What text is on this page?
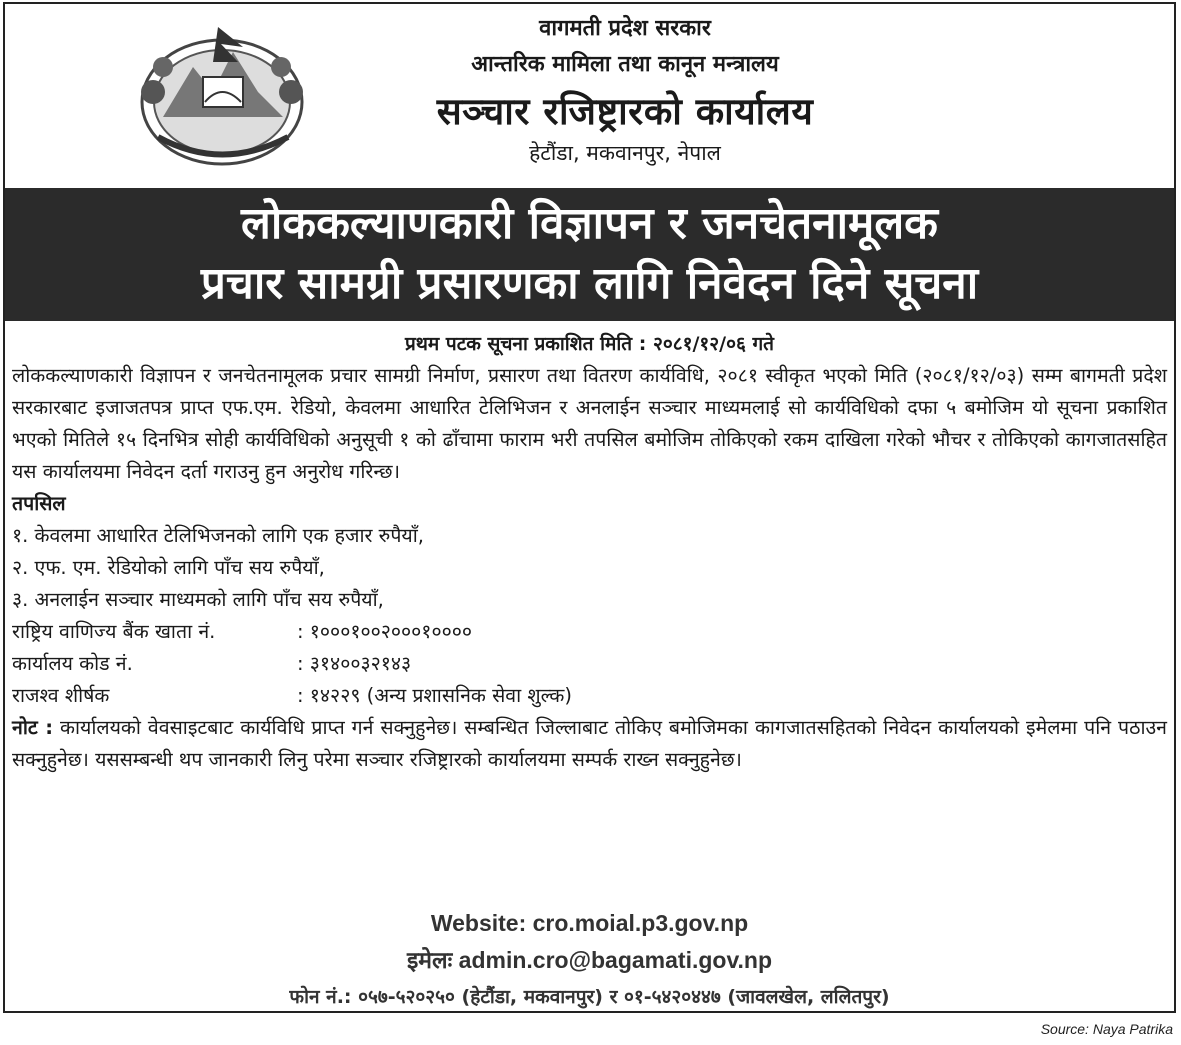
वागमती प्रदेश सरकार
आन्तरिक मामिला तथा कानून मन्त्रालय
सञ्चार रजिष्ट्रारको कार्यालय
हेटौंडा, मकवानपुर, नेपाल
लोककल्याणकारी विज्ञापन र जनचेतनामूलक
प्रचार सामग्री प्रसारणका लागि निवेदन दिने सूचना
प्रथम पटक सूचना प्रकाशित मिति : २०८१/१२/०६ गते

लोककल्याणकारी विज्ञापन र जनचेतनामूलक प्रचार सामग्री निर्माण, प्रसारण तथा वितरण कार्यविधि, २०८१ स्वीकृत भएको मिति (२०८१/१२/०३) सम्म बागमती प्रदेश सरकारबाट इजाजतपत्र प्राप्त एफ.एम. रेडियो, केवलमा आधारित टेलिभिजन र अनलाईन सञ्चार माध्यमलाई सो कार्यविधिको दफा ५ बमोजिम यो सूचना प्रकाशित भएको मितिले १५ दिनभित्र सोही कार्यविधिको अनुसूची १ को ढाँचामा फाराम भरी तपसिल बमोजिम तोकिएको रकम दाखिला गरेको भौचर र तोकिएको कागजातसहित यस कार्यालयमा निवेदन दर्ता गराउनु हुन अनुरोध गरिन्छ।

तपसिल

१. केवलमा आधारित टेलिभिजनको लागि एक हजार रुपैयाँ,

२. एफ. एम. रेडियोको लागि पाँच सय रुपैयाँ,

३. अनलाईन सञ्चार माध्यमको लागि पाँच सय रुपैयाँ,

राष्ट्रिय वाणिज्य बैंक खाता नं.	: १०००१००२०००१००००
कार्यालय कोड नं.	: ३१४००३२१४३
राजश्व शीर्षक	: १४२२९ (अन्य प्रशासनिक सेवा शुल्क)

नोट : कार्यालयको वेवसाइटबाट कार्यविधि प्राप्त गर्न सक्नुहुनेछ। सम्बन्धित जिल्लाबाट तोकिए बमोजिमका कागजातसहितको निवेदन कार्यालयको इमेलमा पनि पठाउन सक्नुहुनेछ। यससम्बन्धी थप जानकारी लिनु परेमा सञ्चार रजिष्ट्रारको कार्यालयमा सम्पर्क राख्न सक्नुहुनेछ।

Website: cro.moial.p3.gov.np
इमेलः admin.cro@bagamati.gov.np
फोन नं.: ०५७-५२०२५० (हेटौंडा, मकवानपुर) र ०१-५४२०४४७ (जावलखेल, ललितपुर)
Source: Naya Patrika
